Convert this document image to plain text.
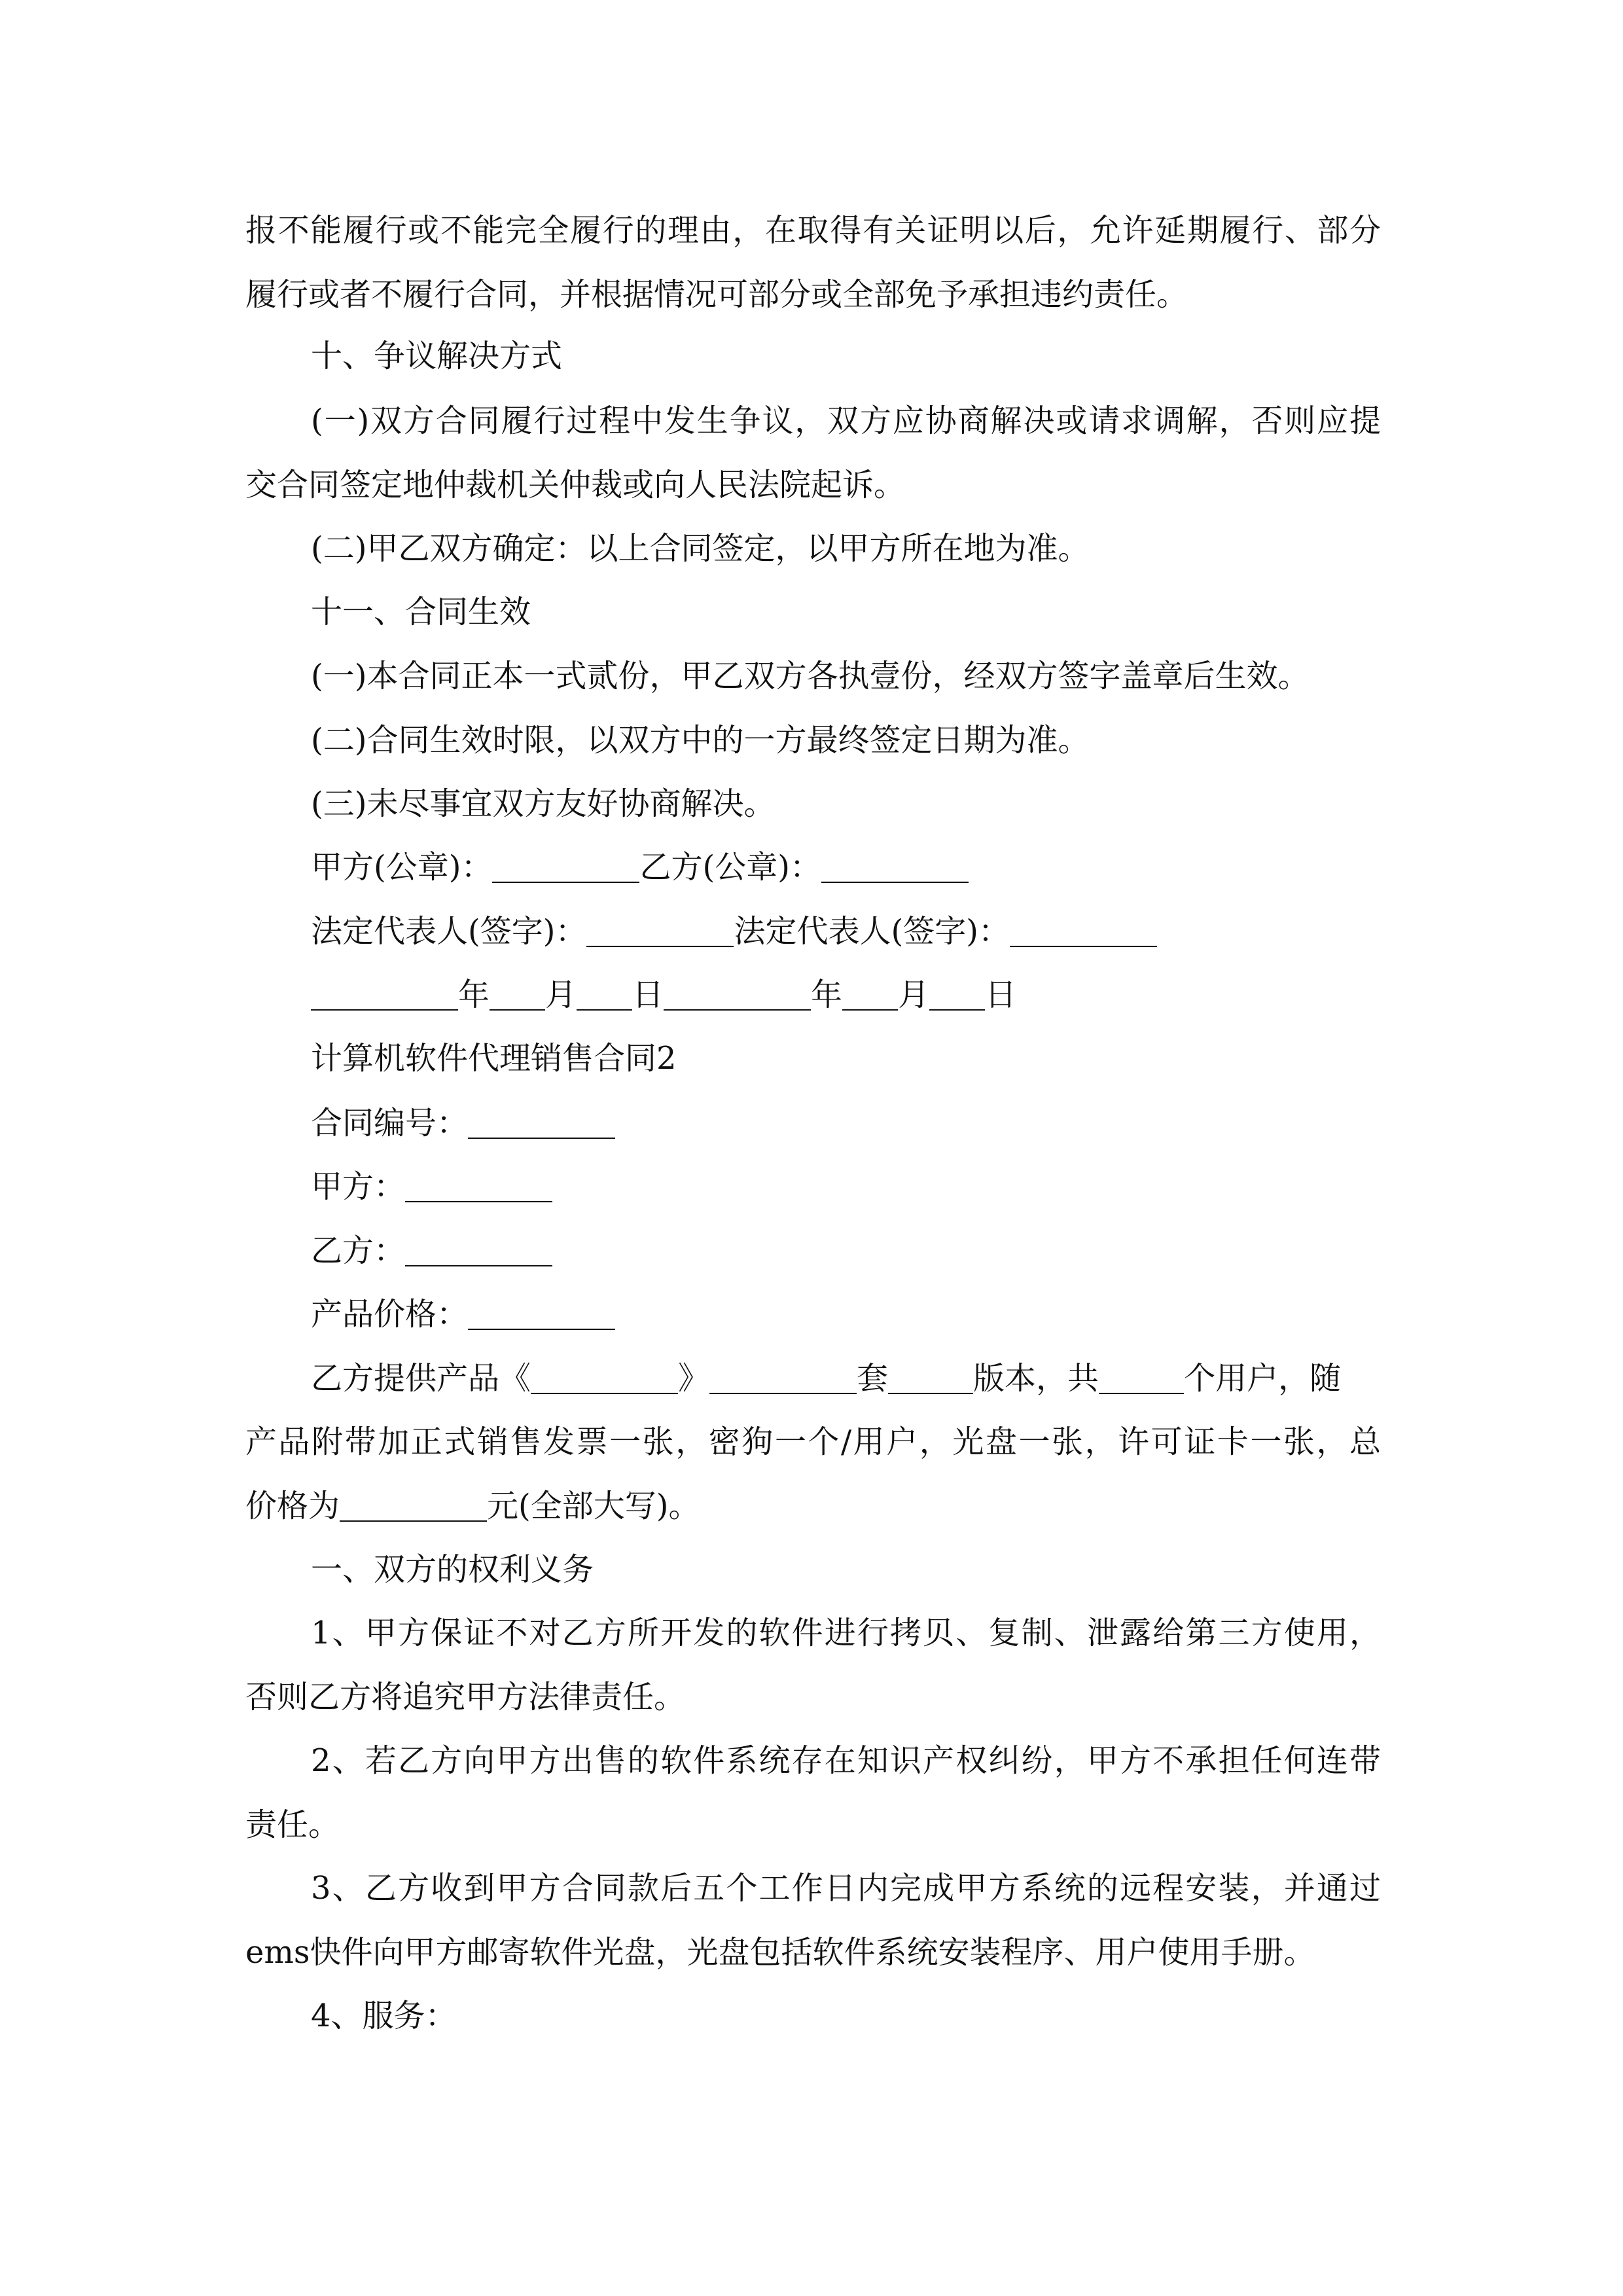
报不能履行或不能完全履行的理由，在取得有关证明以后，允许延期履行、部分
履行或者不履行合同，并根据情况可部分或全部免予承担违约责任。
十、争议解决方式
(一)双方合同履行过程中发生争议，双方应协商解决或请求调解，否则应提
交合同签定地仲裁机关仲裁或向人民法院起诉。
(二)甲乙双方确定：以上合同签定，以甲方所在地为准。
十一、合同生效
(一)本合同正本一式贰份，甲乙双方各执壹份，经双方签字盖章后生效。
(二)合同生效时限，以双方中的一方最终签定日期为准。
(三)未尽事宜双方友好协商解决。
甲方(公章)：	乙方(公章)：
法定代表人(签字)：	法定代表人(签字)：
年 月 日	年 月 日
计算机软件代理销售合同2
合同编号：
甲方：
乙方：
产品价格：
乙方提供产品《	》	套	版本，共	个用户，随
产品附带加正式销售发票一张，密狗一个/用户，光盘一张，许可证卡一张，总
价格为	元(全部大写)。
一、双方的权利义务
1、甲方保证不对乙方所开发的软件进行拷贝、复制、泄露给第三方使用，
否则乙方将追究甲方法律责任。
2、若乙方向甲方出售的软件系统存在知识产权纠纷，甲方不承担任何连带
责任。
3、乙方收到甲方合同款后五个工作日内完成甲方系统的远程安装，并通过
ems快件向甲方邮寄软件光盘，光盘包括软件系统安装程序、用户使用手册。
4、服务：
